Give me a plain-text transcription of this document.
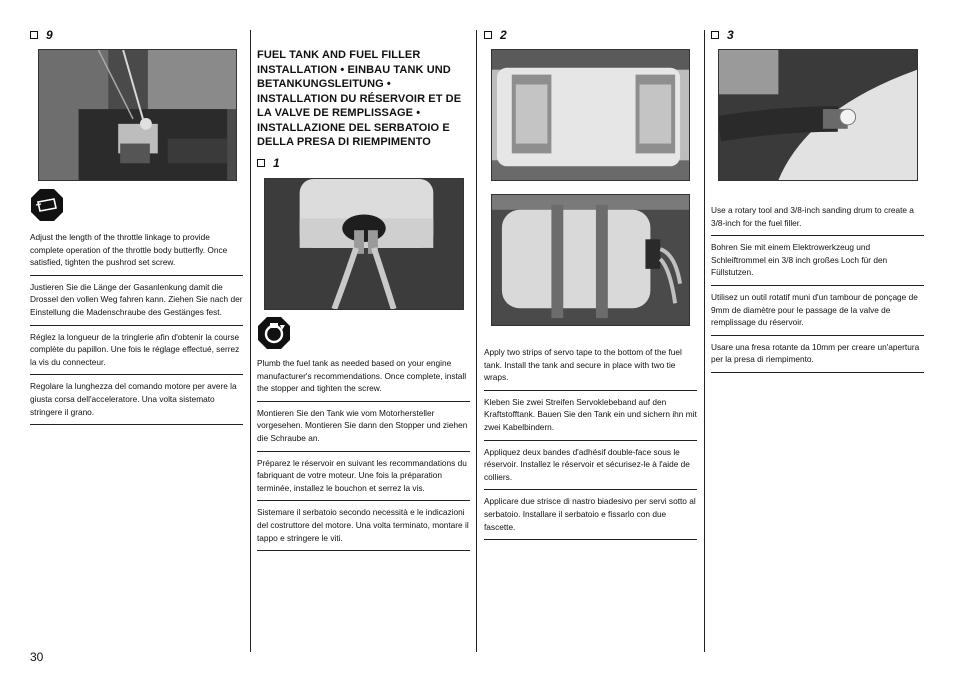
9
Adjust the length of the throttle linkage to provide complete operation of the throttle body butterfly. Once satisfied, tighten the pushrod set screw.
Justieren Sie die Länge der Gasanlenkung damit die Drossel den vollen Weg fahren kann. Ziehen Sie nach der Einstellung die Madenschraube des Gestänges fest.
Réglez la longueur de la tringlerie afin d'obtenir la course complète du papillon. Une fois le réglage effectué, serrez la vis du connecteur.
Regolare la lunghezza del comando motore per avere la giusta corsa dell'acceleratore. Una volta sistemato stringere il grano.
FUEL TANK AND FUEL FILLER INSTALLATION • EINBAU TANK UND BETANKUNGSLEITUNG • INSTALLATION DU RÉSERVOIR ET DE LA VALVE DE REMPLISSAGE • INSTALLAZIONE DEL SERBATOIO E DELLA PRESA DI RIEMPIMENTO
1
Plumb the fuel tank as needed based on your engine manufacturer's recommendations. Once complete, install the stopper and tighten the screw.
Montieren Sie den Tank wie vom Motorhersteller vorgesehen. Montieren Sie dann den Stopper und ziehen die Schraube an.
Préparez le réservoir en suivant les recommandations du fabriquant de votre moteur. Une fois la préparation terminée, installez le bouchon et serrez la vis.
Sistemare il serbatoio secondo necessità e le indicazioni del costruttore del motore. Una volta terminato, montare il tappo e stringere le viti.
2
Apply two strips of servo tape to the bottom of the fuel tank. Install the tank and secure in place with two tie wraps.
Kleben Sie zwei Streifen Servoklebeband auf den Kraftstofftank. Bauen Sie den Tank ein und sichern ihn mit zwei Kabelbindern.
Appliquez deux bandes d'adhésif double-face sous le réservoir. Installez le réservoir et sécurisez-le à l'aide de colliers.
Applicare due strisce di nastro biadesivo per servi sotto al serbatoio. Installare il serbatoio e fissarlo con due fascette.
3
Use a rotary tool and 3/8-inch sanding drum to create a 3/8-inch for the fuel filler.
Bohren Sie mit einem Elektrowerkzeug und Schleiftrommel ein 3/8 inch großes Loch für den Füllstutzen.
Utilisez un outil rotatif muni d'un tambour de ponçage de 9mm de diamètre pour le passage de la valve de remplissage du réservoir.
Usare una fresa rotante da 10mm per creare un'apertura per la presa di riempimento.
30
